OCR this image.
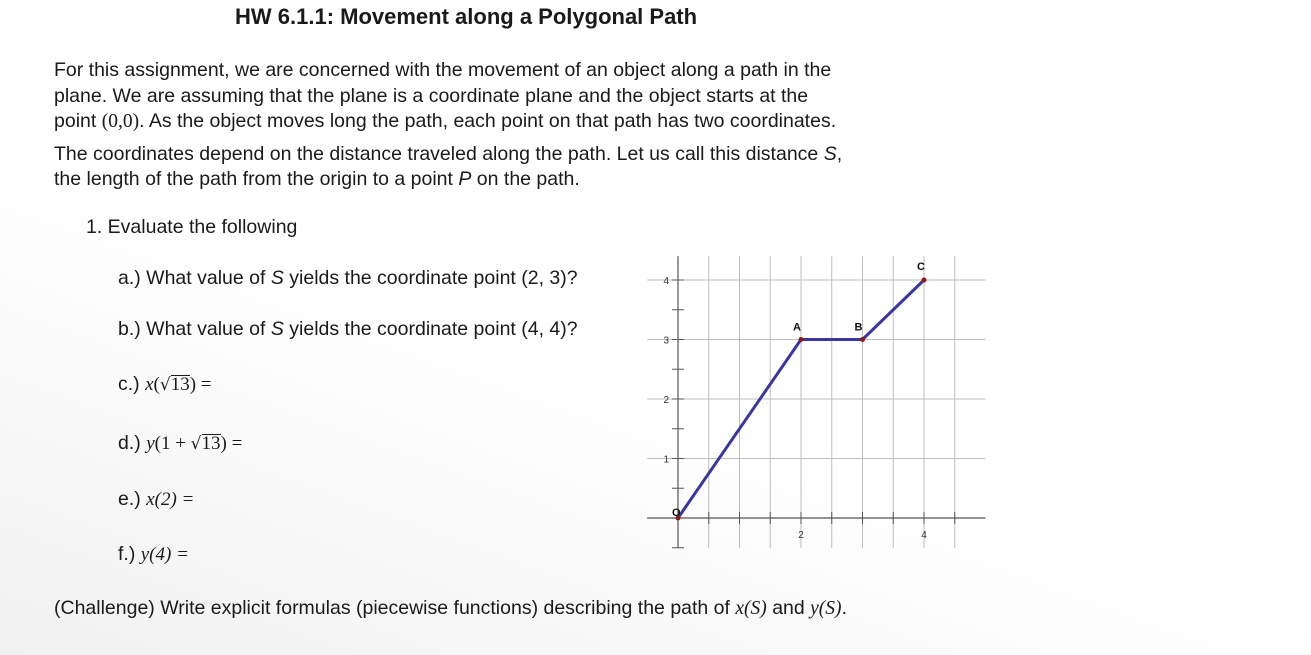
HW 6.1.1: Movement along a Polygonal Path

For this assignment, we are concerned with the movement of an object along a path in the
plane. We are assuming that the plane is a coordinate plane and the object starts at the
point (0,0). As the object moves long the path, each point on that path has two coordinates.

The coordinates depend on the distance traveled along the path. Let us call this distance S,
the length of the path from the origin to a point P on the path.

1. Evaluate the following
a.) What value of S yields the coordinate point (2, 3)?
b.) What value of S yields the coordinate point (4, 4)?
c.) x(√13) =
d.) y(1 + √13) =
e.) x(2) =
f.) y(4) =
2	4
1
2
3
4
O
A	B
C
(Challenge) Write explicit formulas (piecewise functions) describing the path of x(S) and y(S).
